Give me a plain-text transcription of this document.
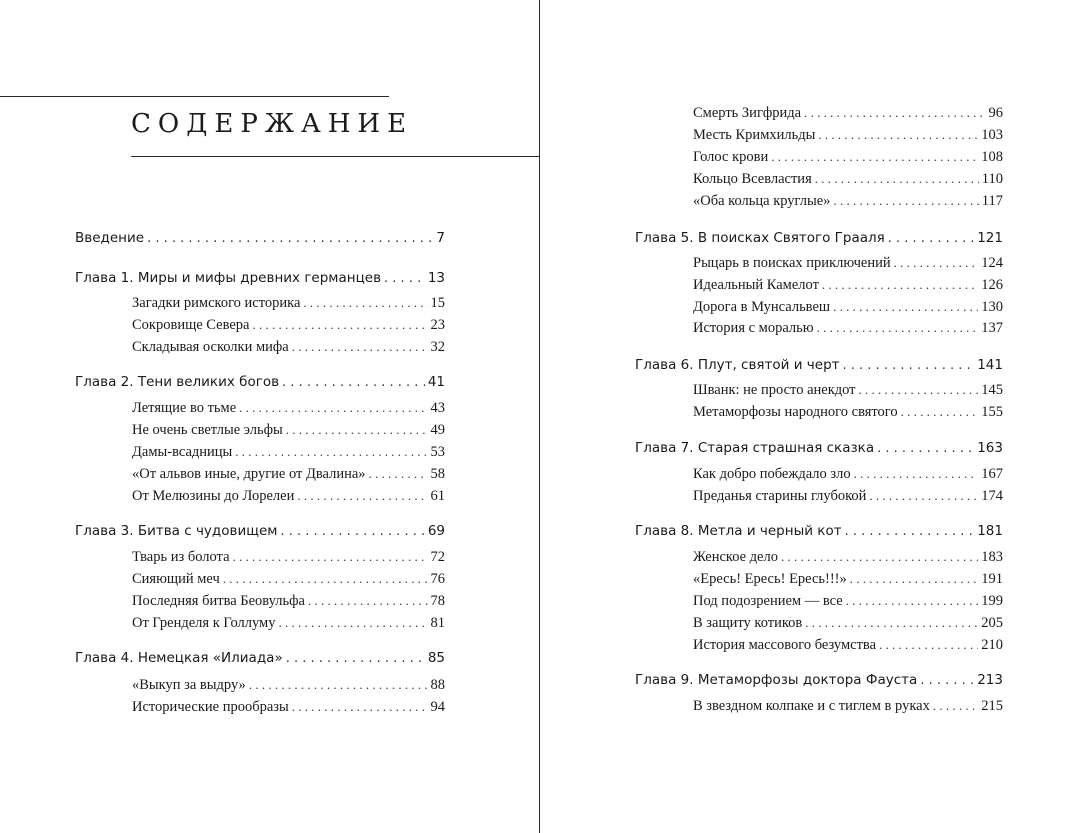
СОДЕРЖАНИЕ
Введение . . .	7
Глава 1. Миры и мифы древних германцев . . .	13
Загадки римского историка . . .	15
Сокровище Севера . . .	23
Складывая осколки мифа . . .	32
Глава 2. Тени великих богов . . .	41
Летящие во тьме . . .	43
Не очень светлые эльфы . . .	49
Дамы-всадницы . . .	53
«От альвов иные, другие от Двалина» . . .	58
От Мелюзины до Лорелеи . . .	61
Глава 3. Битва с чудовищем . . .	69
Тварь из болота . . .	72
Сияющий меч . . .	76
Последняя битва Беовульфа . . .	78
От Гренделя к Голлуму . . .	81
Глава 4. Немецкая «Илиада» . . .	85
«Выкуп за выдру» . . .	88
Исторические прообразы . . .	94
Смерть Зигфрида . . .	96
Месть Кримхильды . . .	103
Голос крови . . .	108
Кольцо Всевластия . . .	110
«Оба кольца круглые» . . .	117
Глава 5. В поисках Святого Грааля . . .	121
Рыцарь в поисках приключений . . .	124
Идеальный Камелот . . .	126
Дорога в Мунсальвеш . . .	130
История с моралью . . .	137
Глава 6. Плут, святой и черт . . .	141
Шванк: не просто анекдот . . .	145
Метаморфозы народного святого . . .	155
Глава 7. Старая страшная сказка . . .	163
Как добро побеждало зло . . .	167
Преданья старины глубокой . . .	174
Глава 8. Метла и черный кот . . .	181
Женское дело . . .	183
«Ересь! Ересь! Ересь!!!» . . .	191
Под подозрением — все . . .	199
В защиту котиков . . .	205
История массового безумства . . .	210
Глава 9. Метаморфозы доктора Фауста . . .	213
В звездном колпаке и с тиглем в руках . . .	215
